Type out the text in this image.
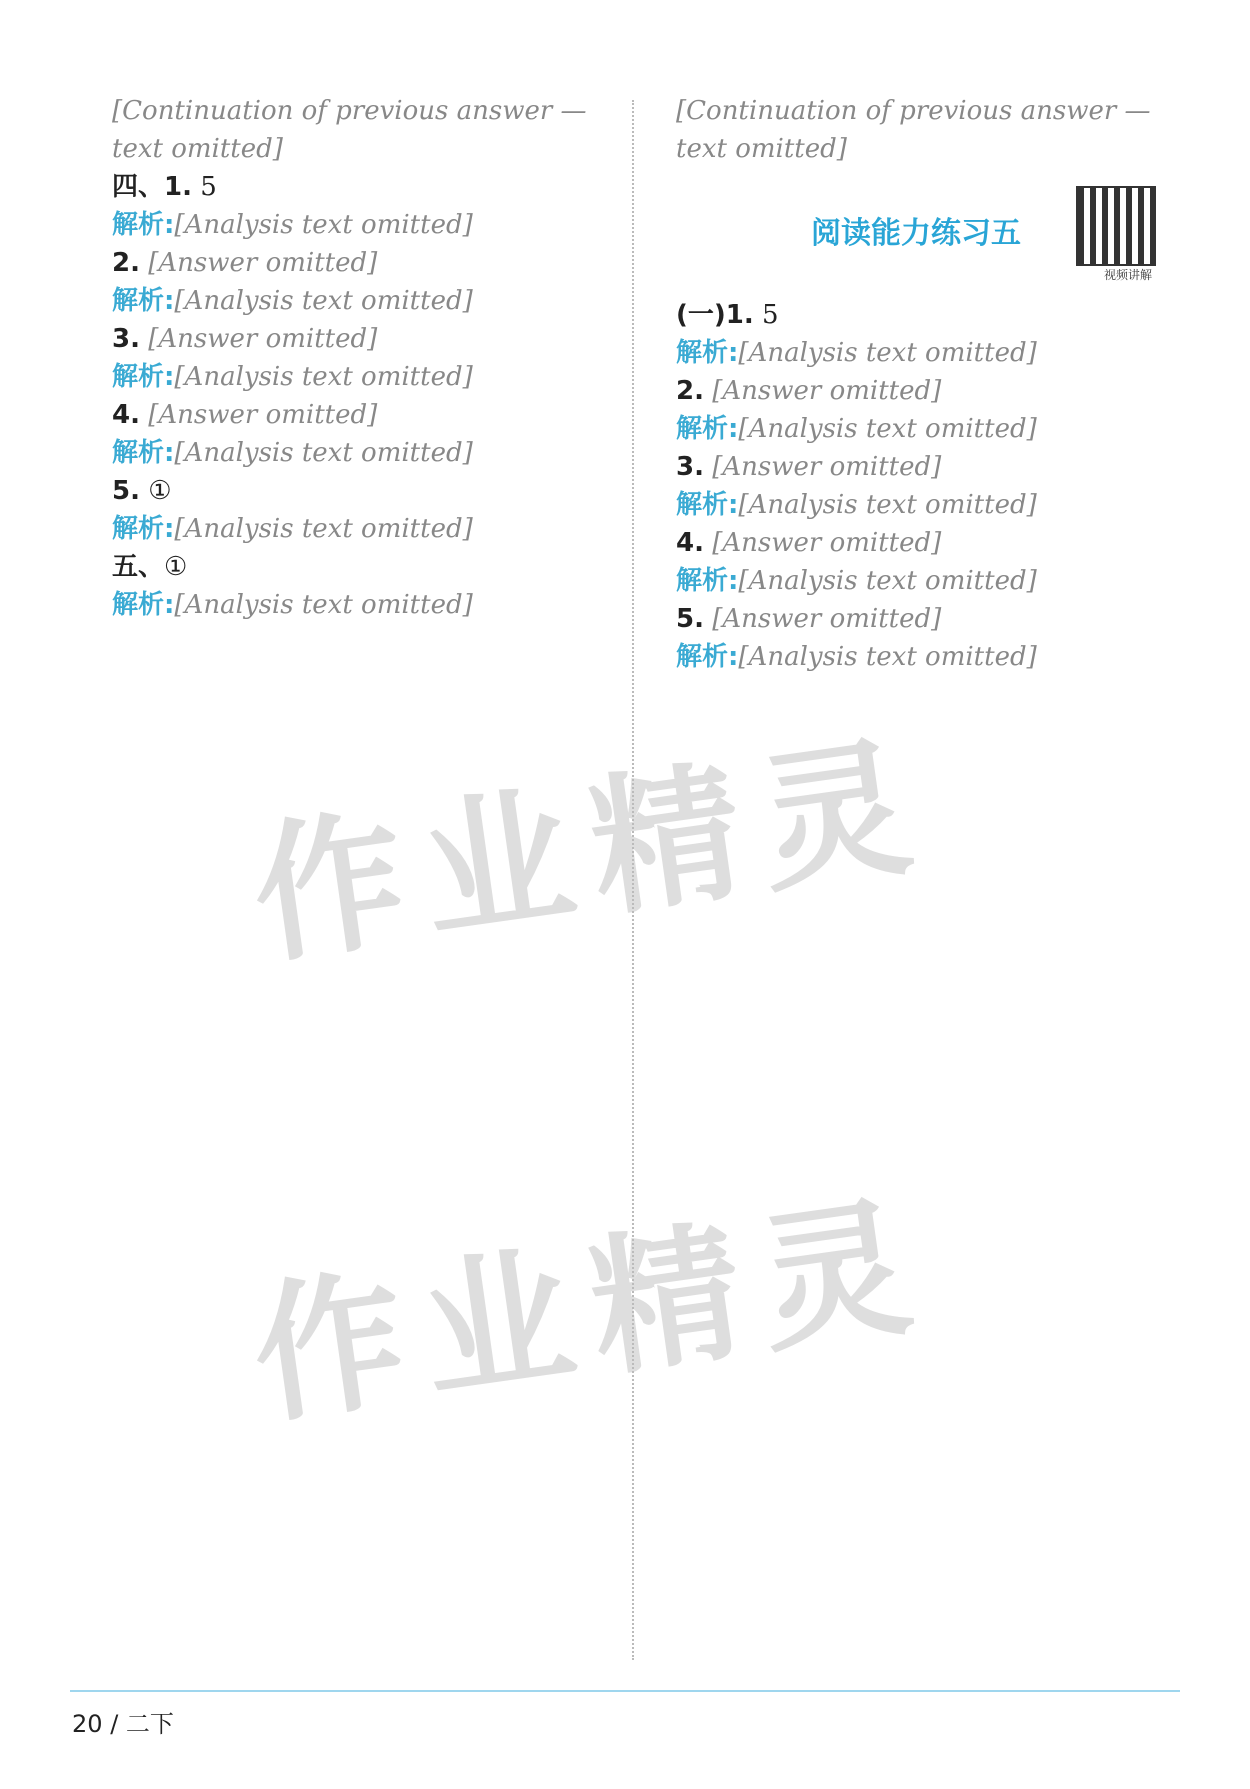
作业精灵
作业精灵

[Continuation of previous answer — text omitted]

四、1. 5

解析:[Analysis text omitted]

2. [Answer omitted]

解析:[Analysis text omitted]

3. [Answer omitted]

解析:[Analysis text omitted]

4. [Answer omitted]

解析:[Analysis text omitted]

5. ①

解析:[Analysis text omitted]

五、①

解析:[Analysis text omitted]

[Continuation of previous answer — text omitted]

阅读能力练习五
视频讲解

(一)1. 5

解析:[Analysis text omitted]

2. [Answer omitted]

解析:[Analysis text omitted]

3. [Answer omitted]

解析:[Analysis text omitted]

4. [Answer omitted]

解析:[Analysis text omitted]

5. [Answer omitted]

解析:[Analysis text omitted]

20 / 二下
